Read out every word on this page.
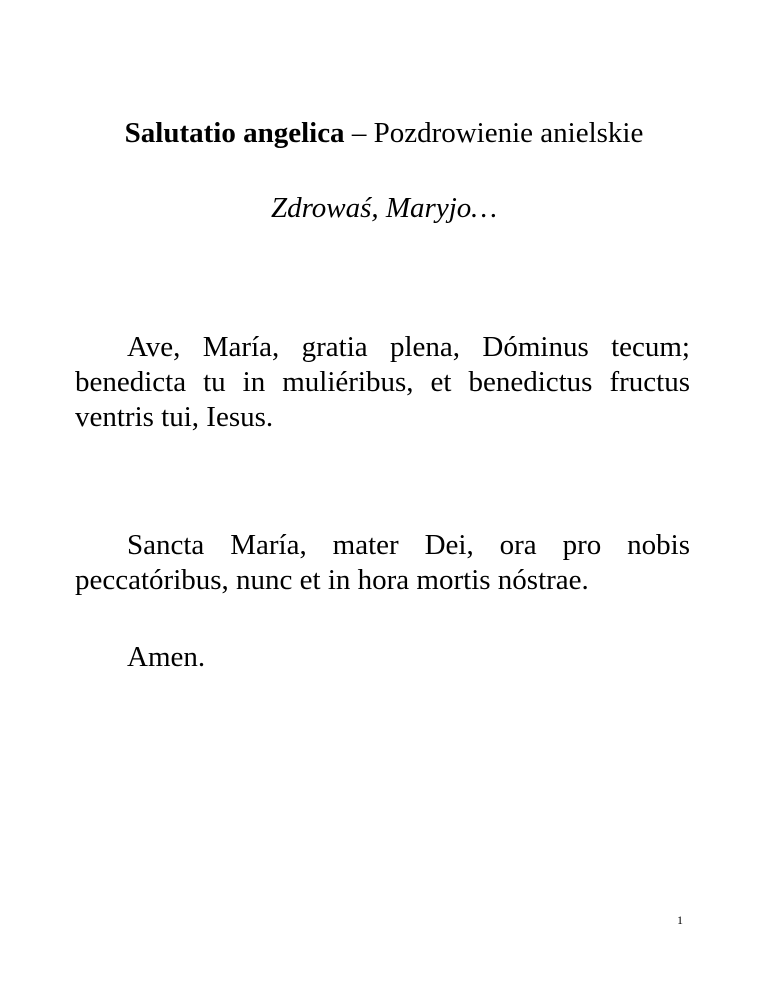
Salutatio angelica – Pozdrowienie anielskie
Zdrowaś, Maryjo…

Ave, María, gratia plena, Dóminus tecum; benedicta tu in muliéribus, et benedictus fructus ventris tui, Iesus.

Sancta María, mater Dei, ora pro nobis peccatóribus, nunc et in hora mortis nóstrae.

Amen.

1
